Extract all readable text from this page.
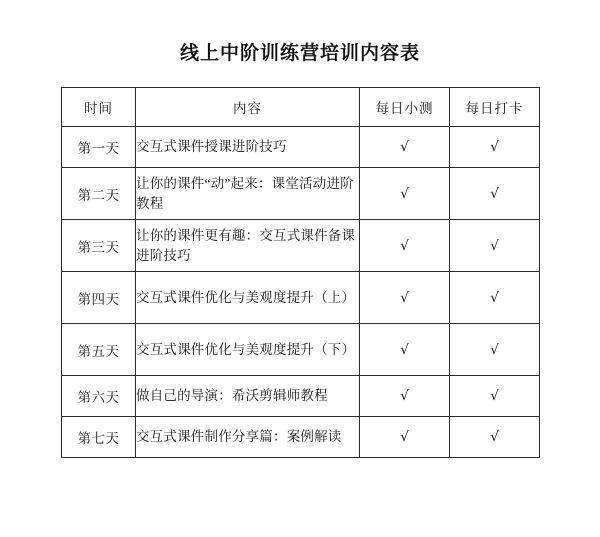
线上中阶训练营培训内容表
时间	内容	每日小测	每日打卡
第一天	交互式课件授课进阶技巧	√	√
第二天	让你的课件“动”起来：课堂活动进阶教程	√	√
第三天	让你的课件更有趣：交互式课件备课进阶技巧	√	√
第四天	交互式课件优化与美观度提升（上）	√	√
第五天	交互式课件优化与美观度提升（下）	√	√
第六天	做自己的导演：希沃剪辑师教程	√	√
第七天	交互式课件制作分享篇：案例解读	√	√
